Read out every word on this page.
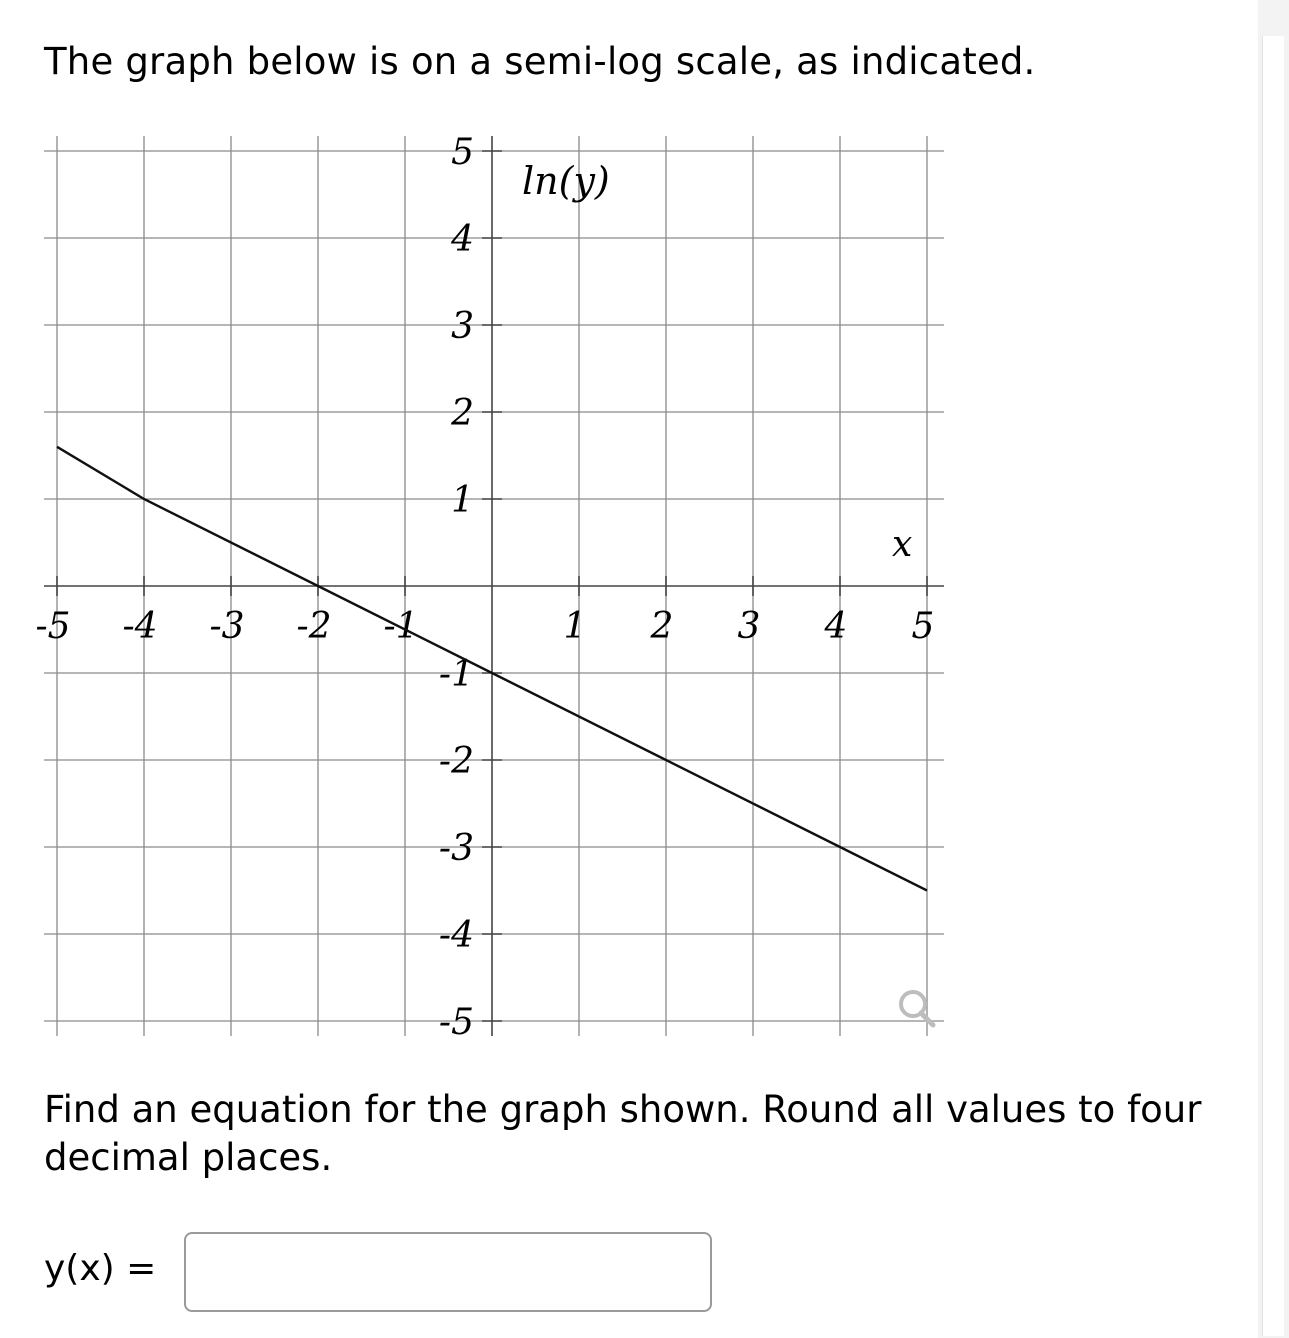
The graph below is on a semi-log scale, as indicated.
-5 -4 -3 -2 -1	1 2 3 4 5
5
4
3
2
1
-1
-2
-3
-4
-5
ln(y)
x
Find an equation for the graph shown. Round all values to four decimal places.
y(x) =
